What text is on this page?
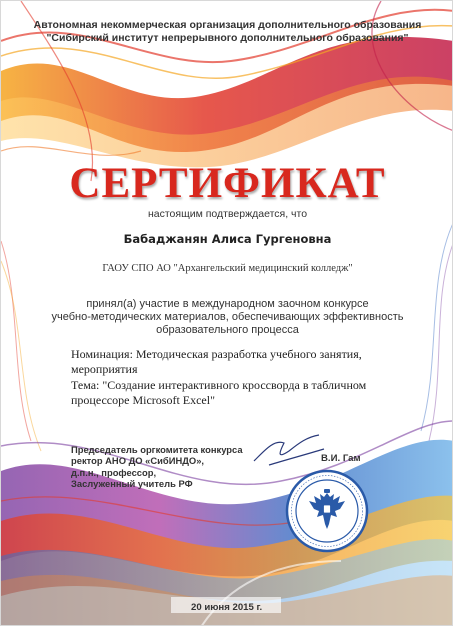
Автономная некоммерческая организация дополнительного образования
"Сибирский институт непрерывного дополнительного образования"
СЕРТИФИКАТ
настоящим подтверждается, что
Бабаджанян Алиса Гургеновна
ГАОУ СПО АО "Архангельский медицинский колледж"
принял(а) участие в международном заочном конкурсе
учебно-методических материалов, обеспечивающих эффективность
образовательного процесса
Номинация: Методическая разработка учебного занятия, мероприятия
Тема: "Создание интерактивного кроссворда в табличном процессоре Microsoft Excel"
Председатель оргкомитета конкурса
ректор АНО ДО «СибИНДО»,
д.п.н., профессор,
Заслуженный учитель РФ
В.И. Гам
20 июня 2015 г.
